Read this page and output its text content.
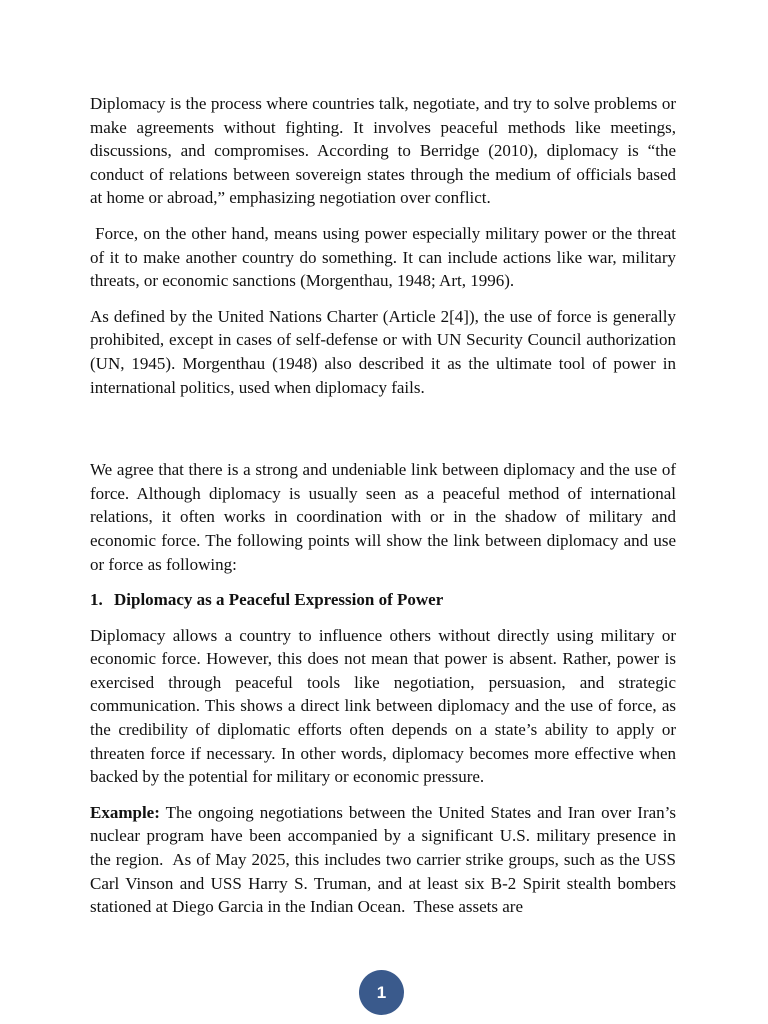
Diplomacy is the process where countries talk, negotiate, and try to solve problems or make agreements without fighting. It involves peaceful methods like meetings, discussions, and compromises. According to Berridge (2010), diplomacy is “the conduct of relations between sovereign states through the medium of officials based at home or abroad,” emphasizing negotiation over conflict.

Force, on the other hand, means using power especially military power or the threat of it to make another country do something. It can include actions like war, military threats, or economic sanctions (Morgenthau, 1948; Art, 1996).

As defined by the United Nations Charter (Article 2[4]), the use of force is generally prohibited, except in cases of self-defense or with UN Security Council authorization (UN, 1945). Morgenthau (1948) also described it as the ultimate tool of power in international politics, used when diplomacy fails.

We agree that there is a strong and undeniable link between diplomacy and the use of force. Although diplomacy is usually seen as a peaceful method of international relations, it often works in coordination with or in the shadow of military and economic force. The following points will show the link between diplomacy and use or force as following:

1. Diplomacy as a Peaceful Expression of Power

Diplomacy allows a country to influence others without directly using military or economic force. However, this does not mean that power is absent. Rather, power is exercised through peaceful tools like negotiation, persuasion, and strategic communication. This shows a direct link between diplomacy and the use of force, as the credibility of diplomatic efforts often depends on a state’s ability to apply or threaten force if necessary. In other words, diplomacy becomes more effective when backed by the potential for military or economic pressure.

Example: The ongoing negotiations between the United States and Iran over Iran’s nuclear program have been accompanied by a significant U.S. military presence in the region.  As of May 2025, this includes two carrier strike groups, such as the USS Carl Vinson and USS Harry S. Truman, and at least six B-2 Spirit stealth bombers stationed at Diego Garcia in the Indian Ocean.  These assets are

1
